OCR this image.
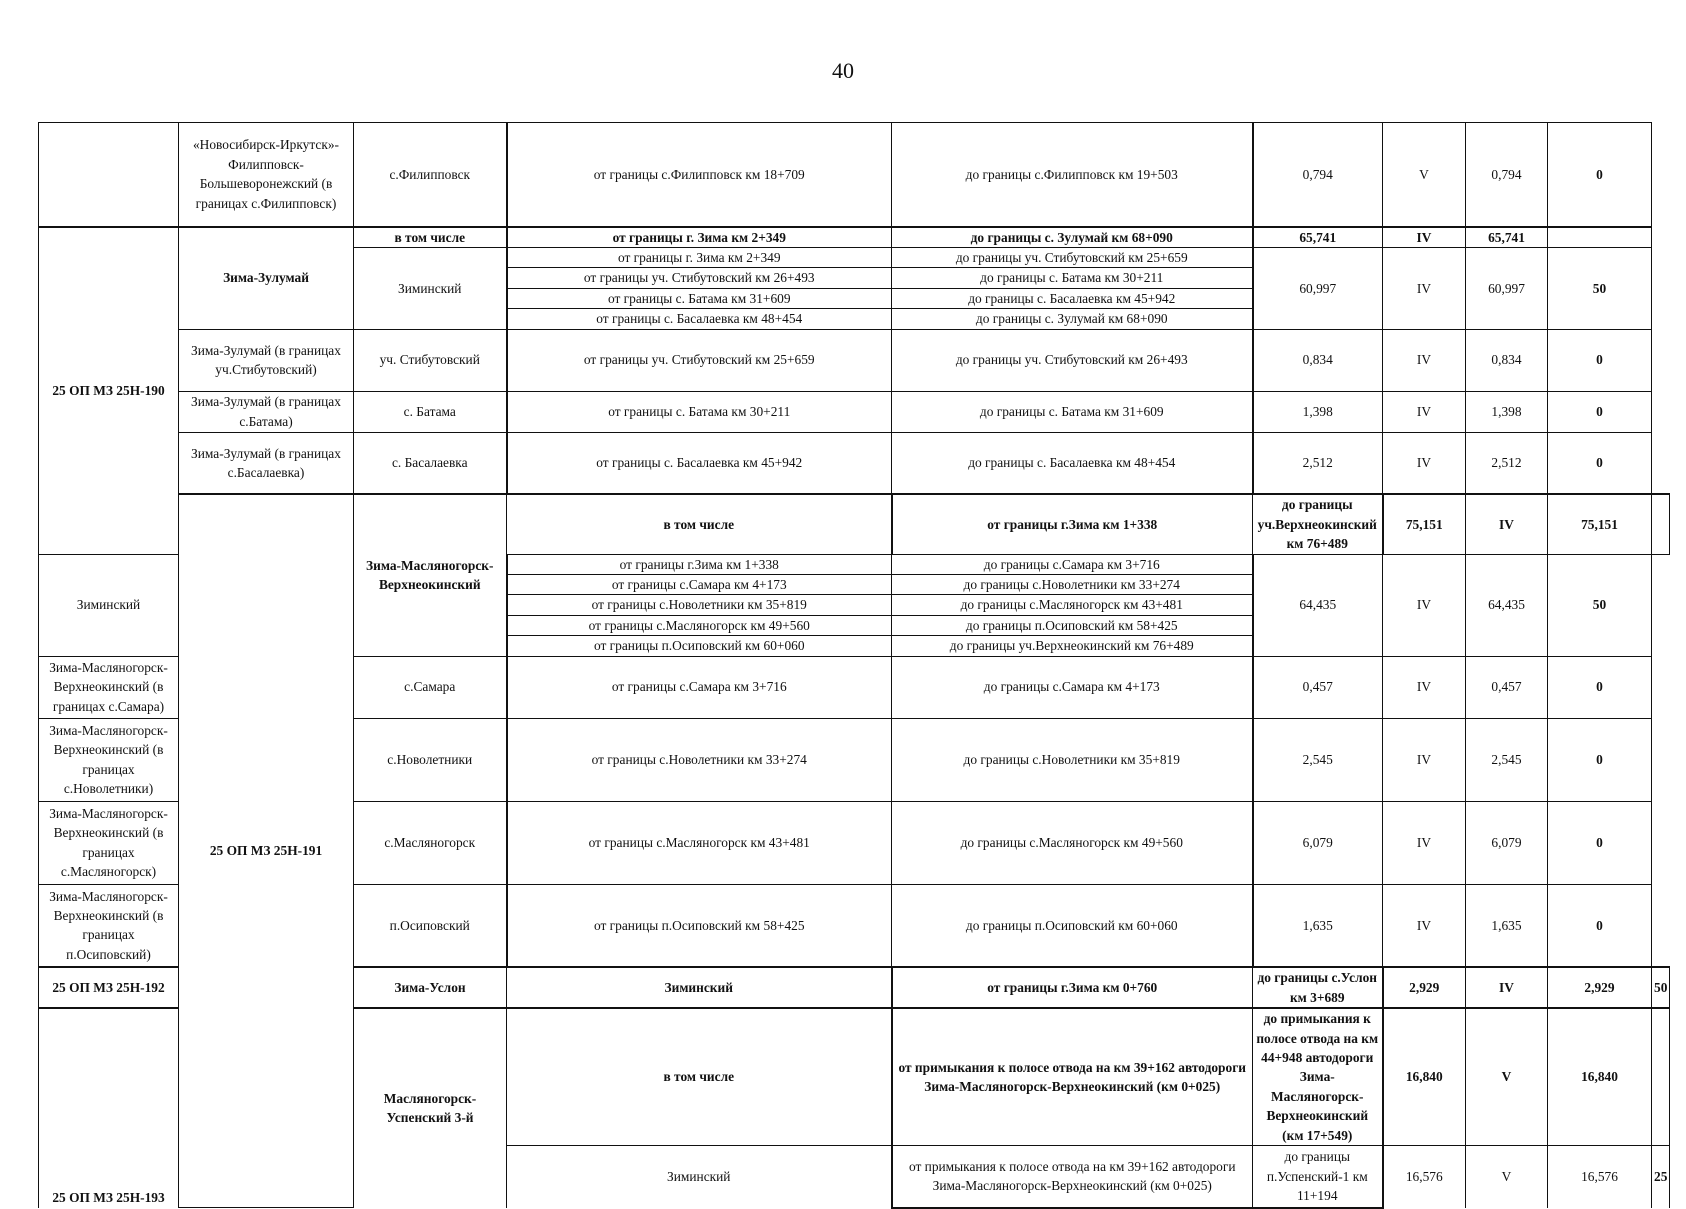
40
	«Новосибирск-Иркутск»-Филипповск-Большеворонежский (в границах с.Филипповск)	с.Филипповск	от границы с.Филипповск км 18+709	до границы с.Филипповск км 19+503	0,794	V	0,794	0	
25 ОП МЗ 25Н-190	Зима-Зулумай	в том числе	от границы г. Зима км 2+349	до границы с. Зулумай км 68+090	65,741	IV	65,741		
		Зиминский	от границы г. Зима км 2+349	до границы уч. Стибутовский км 25+659	60,997	IV	60,997	50	
			от границы уч. Стибутовский км 26+493	до границы с. Батама км 30+211					
			от границы с. Батама км 31+609	до границы с. Басалаевка км 45+942					
			от границы с. Басалаевка км 48+454	до границы с. Зулумай км 68+090					
	Зима-Зулумай (в границах уч.Стибутовский)	уч. Стибутовский	от границы уч. Стибутовский км 25+659	до границы уч. Стибутовский км 26+493	0,834	IV	0,834	0	
	Зима-Зулумай (в границах с.Батама)	с. Батама	от границы с. Батама км 30+211	до границы с. Батама км 31+609	1,398	IV	1,398	0	
	Зима-Зулумай (в границах с.Басалаевка)	с. Басалаевка	от границы с. Басалаевка км 45+942	до границы с. Басалаевка км 48+454	2,512	IV	2,512	0	
	25 ОП МЗ 25Н-191	Зима-Масляногорск-Верхнеокинский	в том числе	от границы г.Зима км 1+338	до границы уч.Верхнеокинский км 76+489	75,151	IV	75,151	
Зиминский			от границы г.Зима км 1+338	до границы с.Самара км 3+716	64,435	IV	64,435	50	
			от границы с.Самара км 4+173	до границы с.Новолетники км 33+274					
			от границы с.Новолетники км 35+819	до границы с.Масляногорск км 43+481					
			от границы с.Масляногорск км 49+560	до границы п.Осиповский км 58+425					
			от границы п.Осиповский км 60+060	до границы уч.Верхнеокинский км 76+489					
Зима-Масляногорск-Верхнеокинский (в границах с.Самара)		с.Самара	от границы с.Самара км 3+716	до границы с.Самара км 4+173	0,457	IV	0,457	0	
Зима-Масляногорск-Верхнеокинский (в границах с.Новолетники)		с.Новолетники	от границы с.Новолетники км 33+274	до границы с.Новолетники км 35+819	2,545	IV	2,545	0	
Зима-Масляногорск-Верхнеокинский (в границах с.Масляногорск)		с.Масляногорск	от границы с.Масляногорск км 43+481	до границы с.Масляногорск км 49+560	6,079	IV	6,079	0	
Зима-Масляногорск-Верхнеокинский (в границах п.Осиповский)		п.Осиповский	от границы п.Осиповский км 58+425	до границы п.Осиповский км 60+060	1,635	IV	1,635	0	
25 ОП МЗ 25Н-192		Зима-Услон	Зиминский	от границы г.Зима км 0+760	до границы с.Услон км 3+689	2,929	IV	2,929	50
25 ОП МЗ 25Н-193		Масляногорск-Успенский 3-й	в том числе	от примыкания к полосе отвода на км 39+162 автодороги Зима-Масляногорск-Верхнеокинский (км 0+025)	до примыкания к полосе отвода на км 44+948 автодороги Зима-Масляногорск-Верхнеокинский (км 17+549)	16,840	V	16,840	
			Зиминский	от примыкания к полосе отвода на км 39+162 автодороги Зима-Масляногорск-Верхнеокинский (км 0+025)	до границы п.Успенский-1 км 11+194	16,576	V	16,576	25
